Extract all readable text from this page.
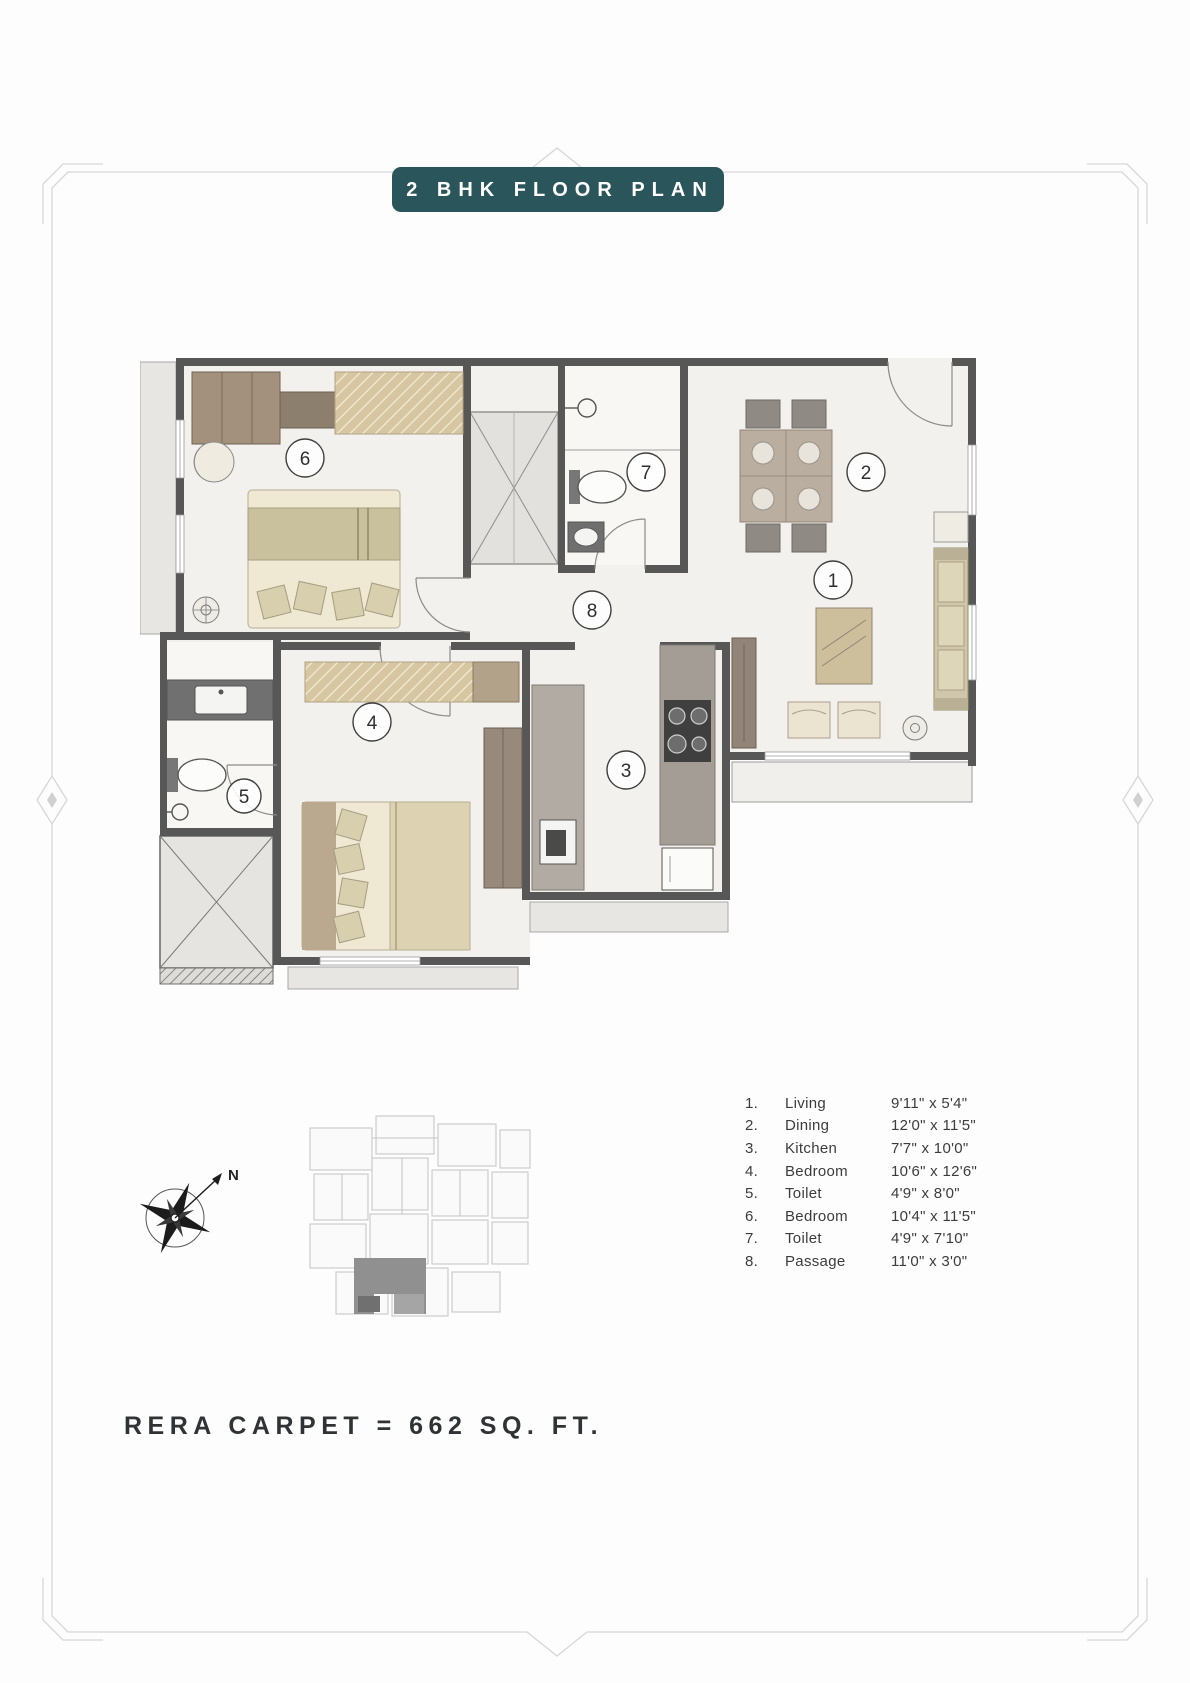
2 BHK FLOOR PLAN
6
7	2
1
8
4
5
3
1.	Living	9'11" x 5'4"
2.	Dining	12'0" x 11'5"
3.	Kitchen	7'7" x 10'0"
4.	Bedroom	10'6" x 12'6"
5.	Toilet	4'9" x 8'0"
6.	Bedroom	10'4" x 11'5"
7.	Toilet	4'9" x 7'10"
8.	Passage	11'0" x 3'0"
N
RERA CARPET = 662 SQ. FT.
